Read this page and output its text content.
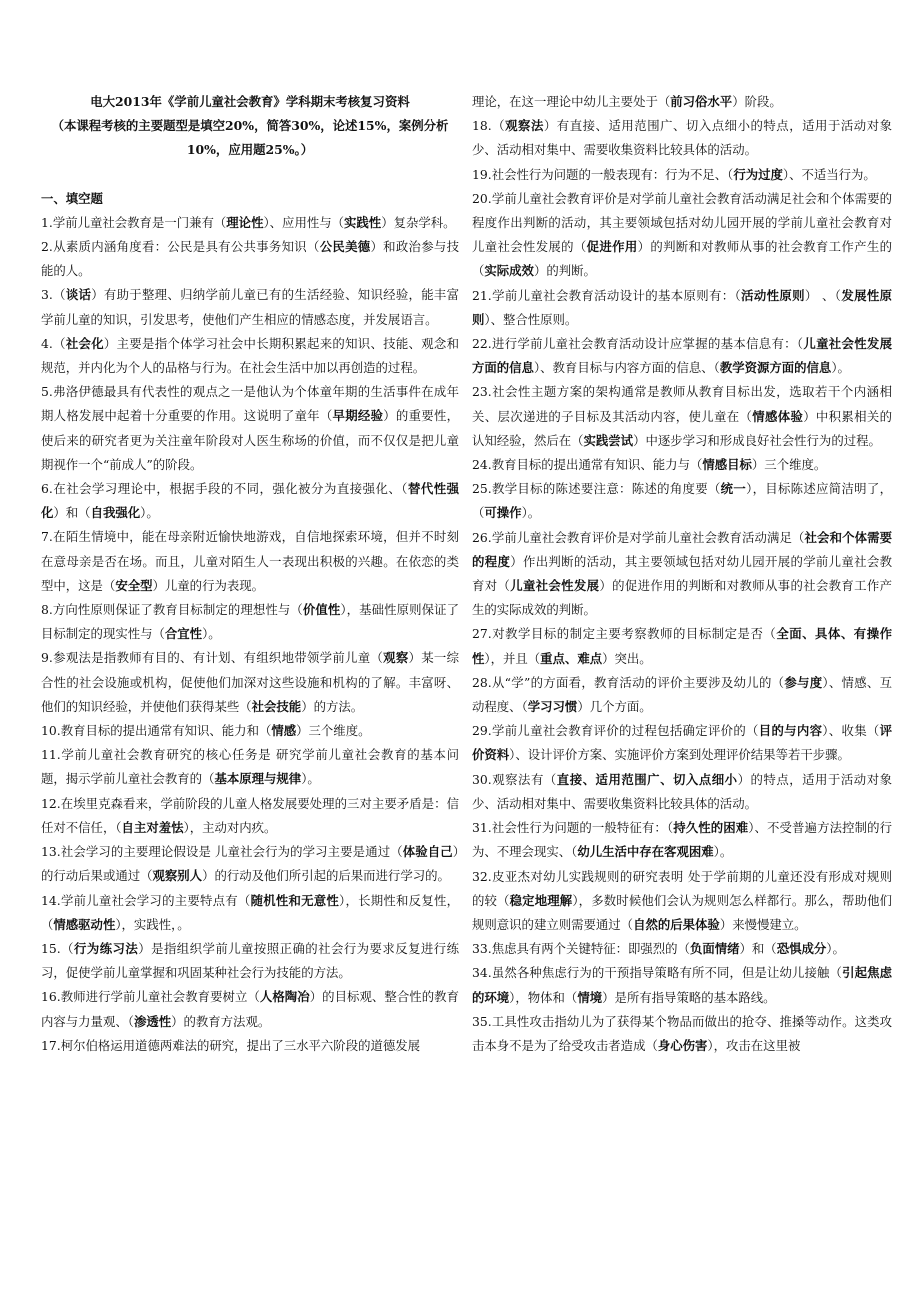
电大2013年《学前儿童社会教育》学科期末考核复习资料
（本课程考核的主要题型是填空20%，简答30%，论述15%，案例分析10%，应用题25%。）
一、填空题

1.学前儿童社会教育是一门兼有（理论性）、应用性与（实践性）复杂学科。

2.从素质内涵角度看：公民是具有公共事务知识（公民美德）和政治参与技能的人。

3.（谈话）有助于整理、归纳学前儿童已有的生活经验、知识经验，能丰富学前儿童的知识，引发思考，使他们产生相应的情感态度，并发展语言。

4.（社会化）主要是指个体学习社会中长期积累起来的知识、技能、观念和规范，并内化为个人的品格与行为。在社会生活中加以再创造的过程。

5.弗洛伊德最具有代表性的观点之一是他认为个体童年期的生活事件在成年期人格发展中起着十分重要的作用。这说明了童年（早期经验）的重要性，使后来的研究者更为关注童年阶段对人医生称场的价值，而不仅仅是把儿童期视作一个“前成人”的阶段。

6.在社会学习理论中，根据手段的不同，强化被分为直接强化、（替代性强化）和（自我强化）。

7.在陌生情境中，能在母亲附近愉快地游戏，自信地探索环境，但并不时刻在意母亲是否在场。而且，儿童对陌生人一表现出积极的兴趣。在依恋的类型中，这是（安全型）儿童的行为表现。

8.方向性原则保证了教育目标制定的理想性与（价值性），基础性原则保证了目标制定的现实性与（合宜性）。

9.参观法是指教师有目的、有计划、有组织地带领学前儿童（观察）某一综合性的社会设施或机构，促使他们加深对这些设施和机构的了解。丰富呀、他们的知识经验，并使他们获得某些（社会技能）的方法。

10.教育目标的提出通常有知识、能力和（情感）三个维度。

11.学前儿童社会教育研究的核心任务是 研究学前儿童社会教育的基本问题，揭示学前儿童社会教育的（基本原理与规律）。

12.在埃里克森看来，学前阶段的儿童人格发展要处理的三对主要矛盾是：信任对不信任，（自主对羞怯），主动对内疚。

13.社会学习的主要理论假设是 儿童社会行为的学习主要是通过（体验自己）的行动后果或通过（观察别人）的行动及他们所引起的后果而进行学习的。

14.学前儿童社会学习的主要特点有（随机性和无意性），长期性和反复性，（情感驱动性），实践性，。

15.（行为练习法）是指组织学前儿童按照正确的社会行为要求反复进行练习，促使学前儿童掌握和巩固某种社会行为技能的方法。

16.教师进行学前儿童社会教育要树立（人格陶冶）的目标观、整合性的教育内容与力量观、（渗透性）的教育方法观。

17.柯尔伯格运用道德两难法的研究，提出了三水平六阶段的道德发展

理论，在这一理论中幼儿主要处于（前习俗水平）阶段。

18.（观察法）有直接、适用范围广、切入点细小的特点，适用于活动对象少、活动相对集中、需要收集资料比较具体的活动。

19.社会性行为问题的一般表现有：行为不足、（行为过度）、不适当行为。

20.学前儿童社会教育评价是对学前儿童社会教育活动满足社会和个体需要的程度作出判断的活动，其主要领域包括对幼儿园开展的学前儿童社会教育对儿童社会性发展的（促进作用）的判断和对教师从事的社会教育工作产生的（实际成效）的判断。

21.学前儿童社会教育活动设计的基本原则有：（活动性原则） 、（发展性原则）、整合性原则。

22.进行学前儿童社会教育活动设计应掌握的基本信息有：（儿童社会性发展方面的信息）、教育目标与内容方面的信息、（教学资源方面的信息）。

23.社会性主题方案的架构通常是教师从教育目标出发，选取若干个内涵相关、层次递进的子目标及其活动内容，使儿童在（情感体验）中积累相关的认知经验，然后在（实践尝试）中逐步学习和形成良好社会性行为的过程。

24.教育目标的提出通常有知识、能力与（情感目标）三个维度。

25.教学目标的陈述要注意：陈述的角度要（统一），目标陈述应简洁明了，（可操作）。

26.学前儿童社会教育评价是对学前儿童社会教育活动满足（社会和个体需要的程度）作出判断的活动，其主要领域包括对幼儿园开展的学前儿童社会教育对（儿童社会性发展）的促进作用的判断和对教师从事的社会教育工作产生的实际成效的判断。

27.对教学目标的制定主要考察教师的目标制定是否（全面、具体、有操作性），并且（重点、难点）突出。

28.从“学”的方面看，教育活动的评价主要涉及幼儿的（参与度）、情感、互动程度、（学习习惯）几个方面。

29.学前儿童社会教育评价的过程包括确定评价的（目的与内容）、收集（评价资料）、设计评价方案、实施评价方案到处理评价结果等若干步骤。

30.观察法有（直接、适用范围广、切入点细小）的特点，适用于活动对象少、活动相对集中、需要收集资料比较具体的活动。

31.社会性行为问题的一般特征有：（持久性的困难）、不受普遍方法控制的行为、不理会现实、（幼儿生活中存在客观困难）。

32.皮亚杰对幼儿实践规则的研究表明 处于学前期的儿童还没有形成对规则的较（稳定地理解），多数时候他们会认为规则怎么样都行。那么，帮助他们规则意识的建立则需要通过（自然的后果体验）来慢慢建立。

33.焦虑具有两个关键特征：即强烈的（负面情绪）和（恐惧成分）。

34.虽然各种焦虑行为的干预指导策略有所不同，但是让幼儿接触（引起焦虑的环境），物体和（情境）是所有指导策略的基本路线。

35.工具性攻击指幼儿为了获得某个物品而做出的抢夺、推搡等动作。这类攻击本身不是为了给受攻击者造成（身心伤害），攻击在这里被
